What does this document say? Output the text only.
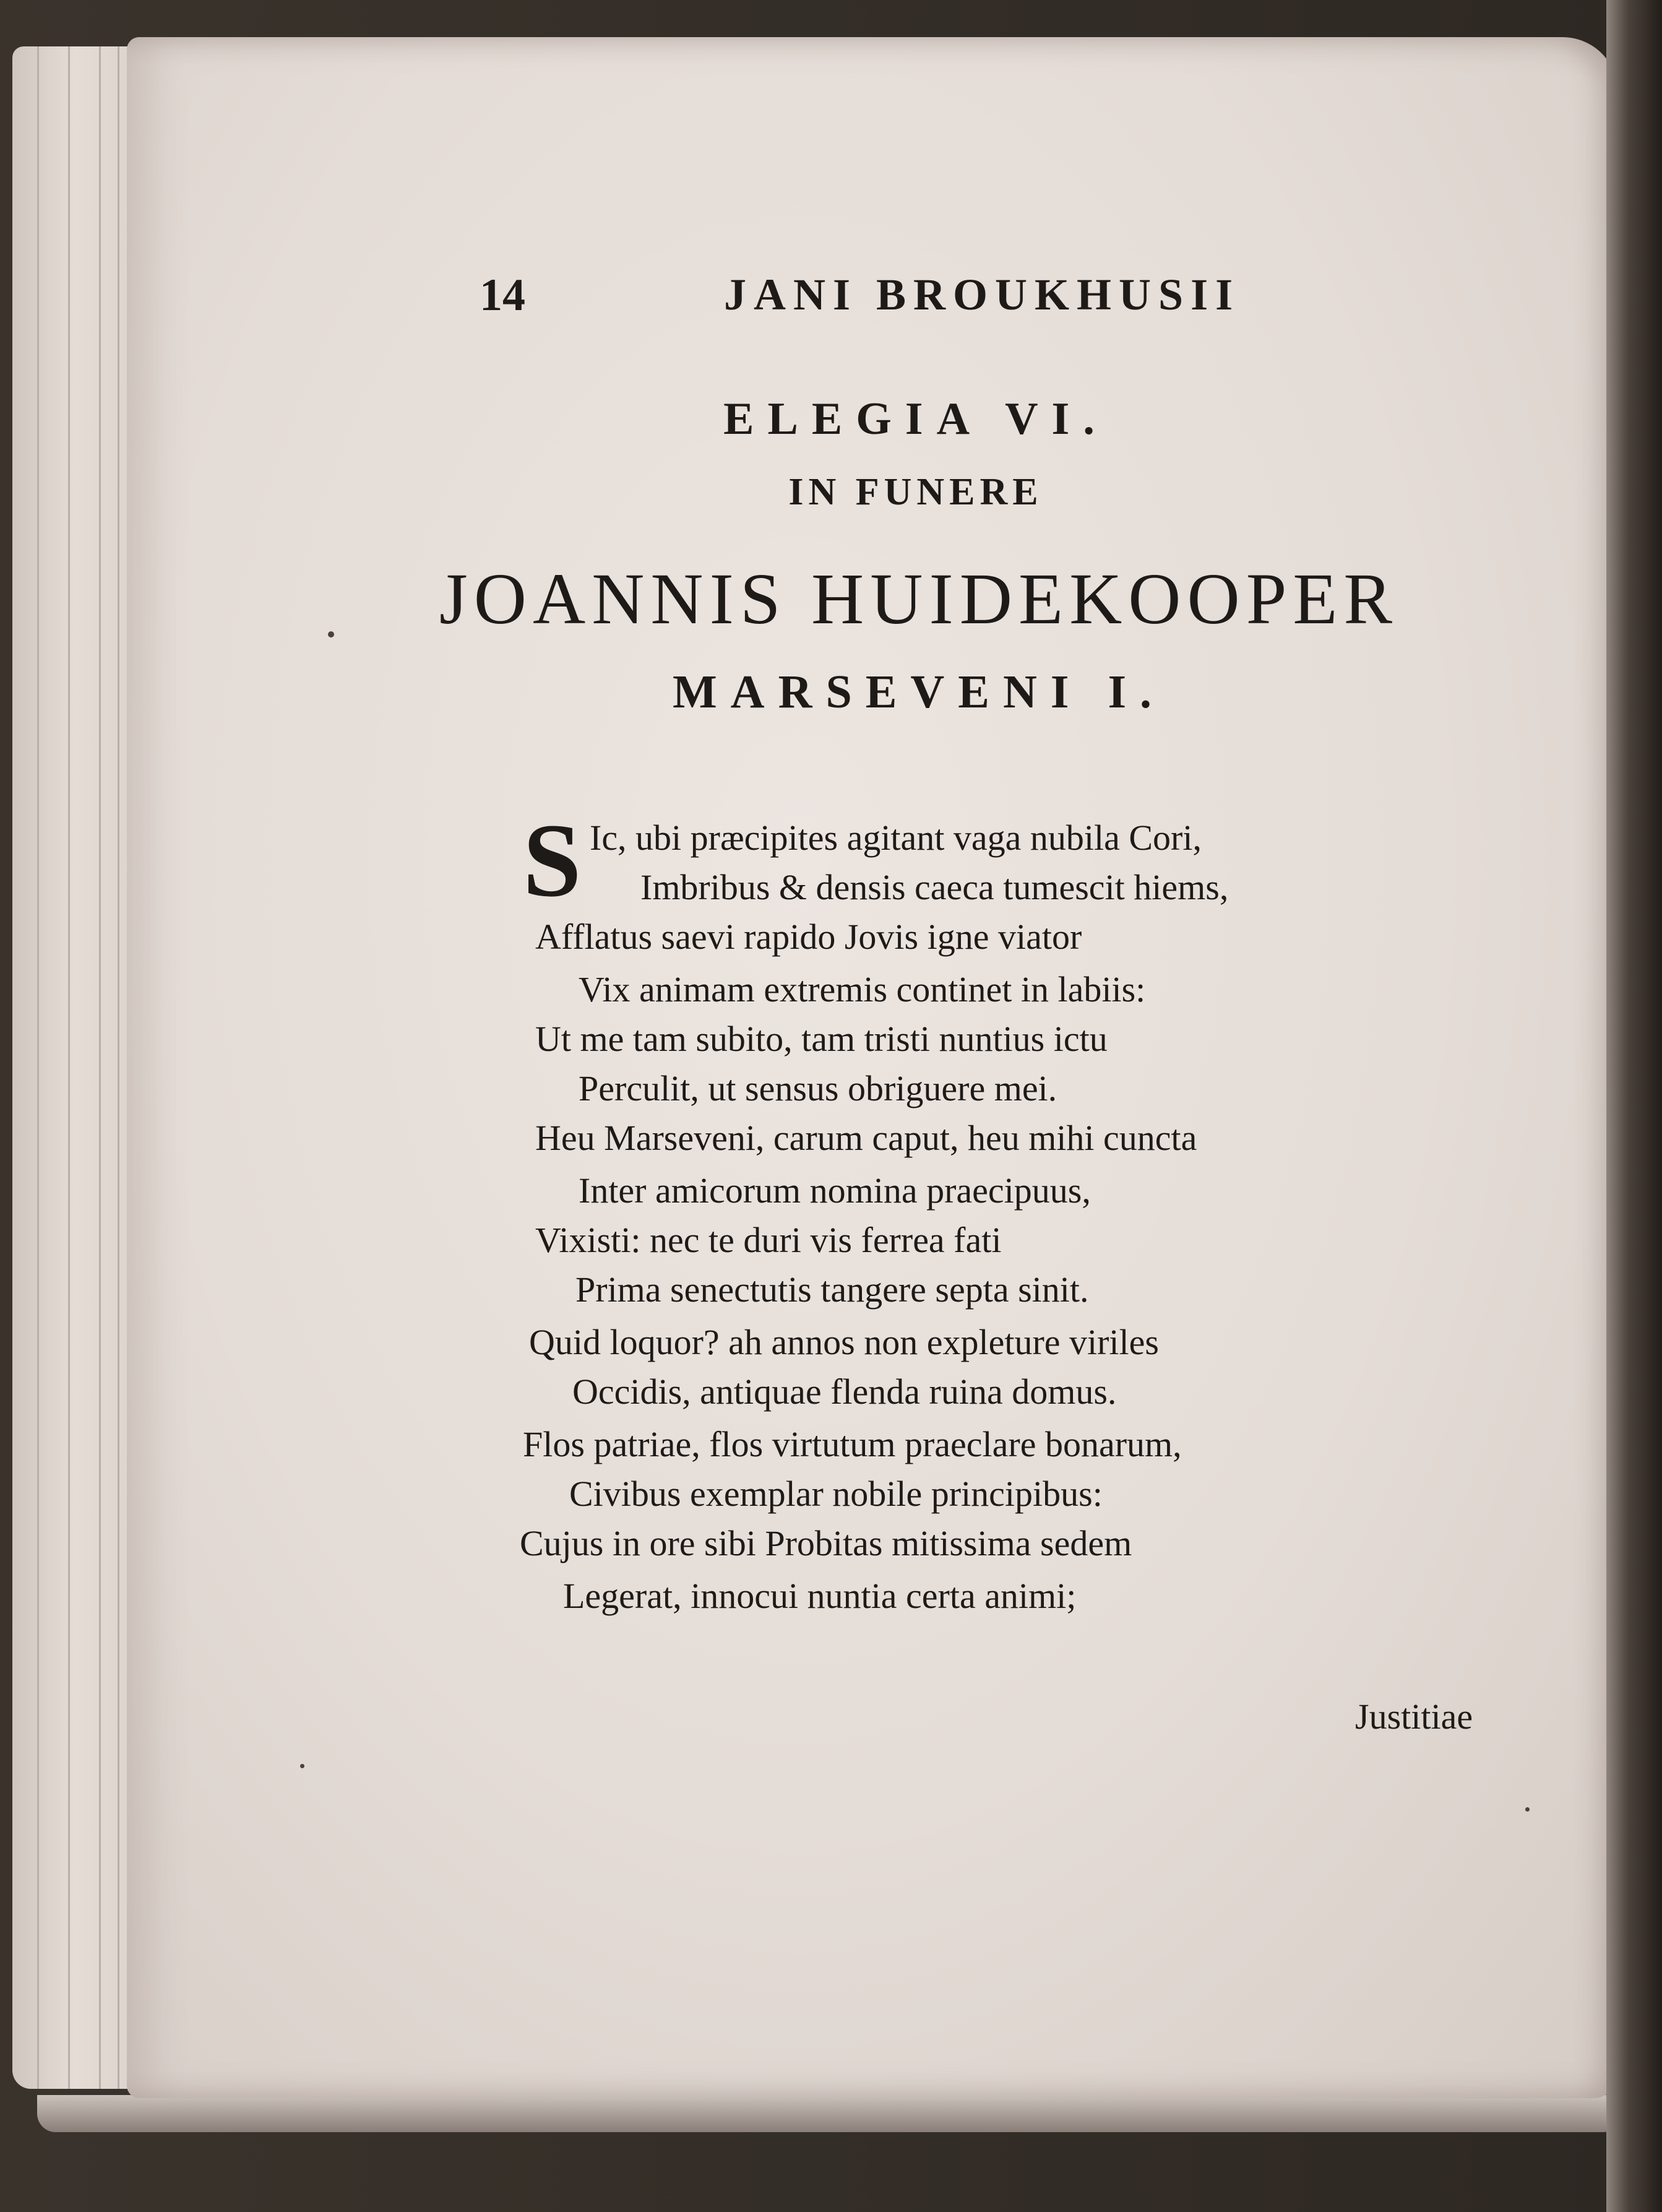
14	JANI BROUKHUSII
ELEGIA VI.
IN FUNERE
JOANNIS HUIDEKOOPER
MARSEVENI I.
S Ic, ubi præcipites agitant vaga nubila Cori,
Imbribus & densis caeca tumescit hiems,
Afflatus saevi rapido Jovis igne viator
Vix animam extremis continet in labiis:
Ut me tam subito, tam tristi nuntius ictu
Perculit, ut sensus obriguere mei.
Heu Marseveni, carum caput, heu mihi cuncta
Inter amicorum nomina praecipuus,
Vixisti: nec te duri vis ferrea fati
Prima senectutis tangere septa sinit.
Quid loquor? ah annos non expleture viriles
Occidis, antiquae flenda ruina domus.
Flos patriae, flos virtutum praeclare bonarum,
Civibus exemplar nobile principibus:
Cujus in ore sibi Probitas mitissima sedem
Legerat, innocui nuntia certa animi;
Justitiae
